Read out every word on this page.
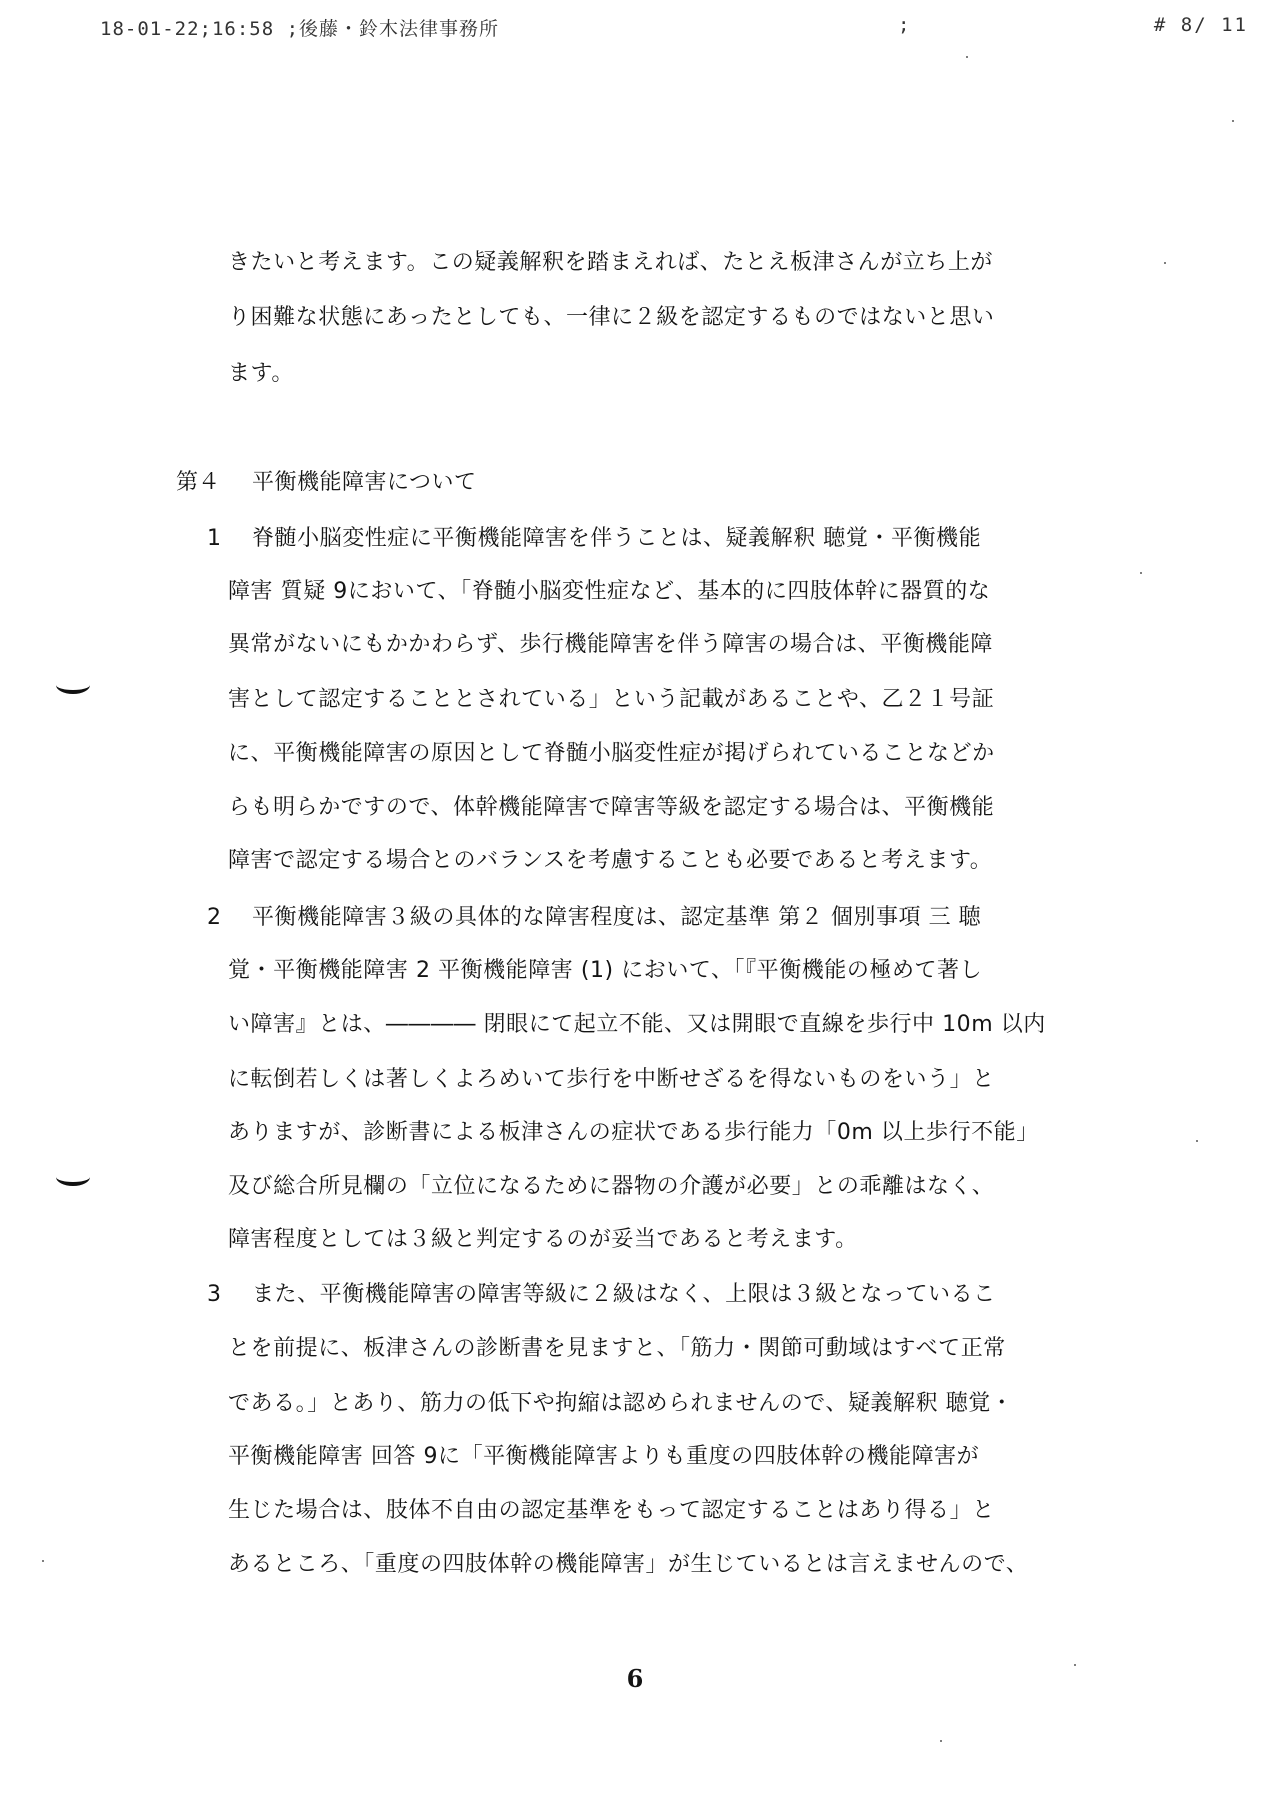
18-01-22;16:58 ;後藤・鈴木法律事務所	;	# 8/ 11
きたいと考えます。この疑義解釈を踏まえれば、たとえ板津さんが立ち上が
り困難な状態にあったとしても、一律に２級を認定するものではないと思い
ます。
第４ 平衡機能障害について
1 脊髄小脳変性症に平衡機能障害を伴うことは、疑義解釈 聴覚・平衡機能
障害 質疑 9において、「脊髄小脳変性症など、基本的に四肢体幹に器質的な
異常がないにもかかわらず、歩行機能障害を伴う障害の場合は、平衡機能障
害として認定することとされている」という記載があることや、乙２１号証
に、平衡機能障害の原因として脊髄小脳変性症が掲げられていることなどか
らも明らかですので、体幹機能障害で障害等級を認定する場合は、平衡機能
障害で認定する場合とのバランスを考慮することも必要であると考えます。
2 平衡機能障害３級の具体的な障害程度は、認定基準 第２ 個別事項 三 聴
覚・平衡機能障害 2 平衡機能障害 (1) において、「『平衡機能の極めて著し
い障害』とは、―――― 閉眼にて起立不能、又は開眼で直線を歩行中 10m 以内
に転倒若しくは著しくよろめいて歩行を中断せざるを得ないものをいう」と
ありますが、診断書による板津さんの症状である歩行能力「0m 以上歩行不能」
及び総合所見欄の「立位になるために器物の介護が必要」との乖離はなく、
障害程度としては３級と判定するのが妥当であると考えます。
3 また、平衡機能障害の障害等級に２級はなく、上限は３級となっているこ
とを前提に、板津さんの診断書を見ますと、「筋力・関節可動域はすべて正常
である。」とあり、筋力の低下や拘縮は認められませんので、疑義解釈 聴覚・
平衡機能障害 回答 9に「平衡機能障害よりも重度の四肢体幹の機能障害が
生じた場合は、肢体不自由の認定基準をもって認定することはあり得る」と
あるところ、「重度の四肢体幹の機能障害」が生じているとは言えませんので、
6
